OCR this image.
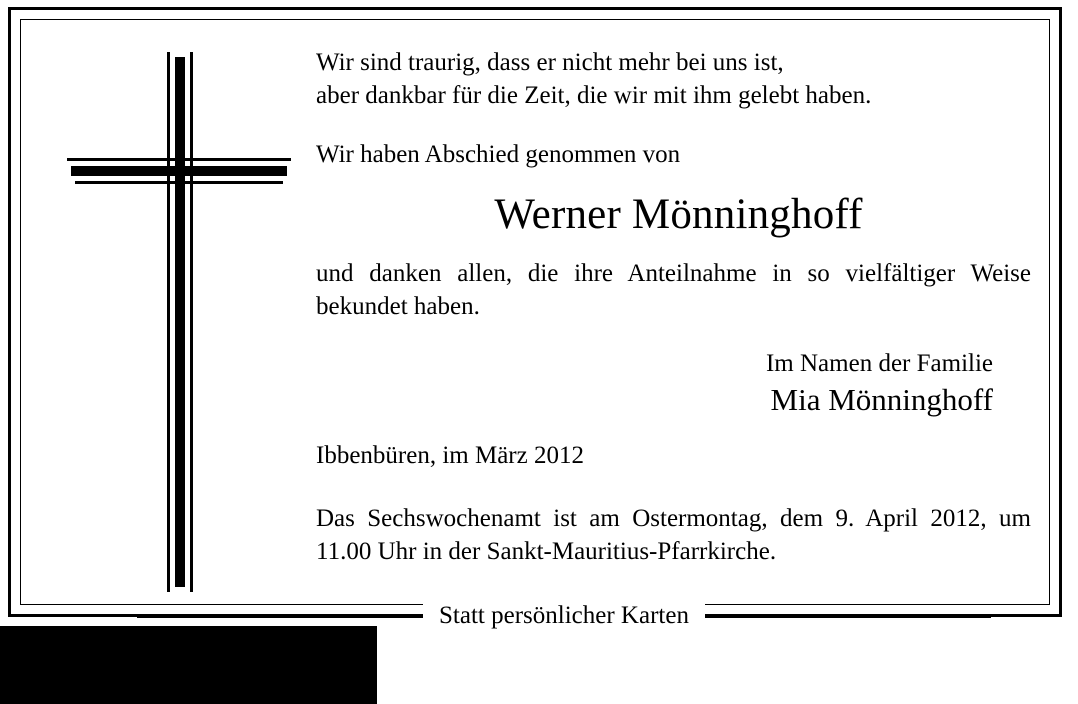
Wir sind traurig, dass er nicht mehr bei uns ist,
aber dankbar für die Zeit, die wir mit ihm gelebt haben.
Wir haben Abschied genommen von
Werner Mönninghoff
und danken allen, die ihre Anteilnahme in so vielfältiger Weise bekundet haben.
Im Namen der Familie
Mia Mönninghoff
Ibbenbüren, im März 2012
Das Sechswochenamt ist am Ostermontag, dem 9. April 2012, um 11.00 Uhr in der Sankt-Mauritius-Pfarrkirche.
Statt persönlicher Karten
